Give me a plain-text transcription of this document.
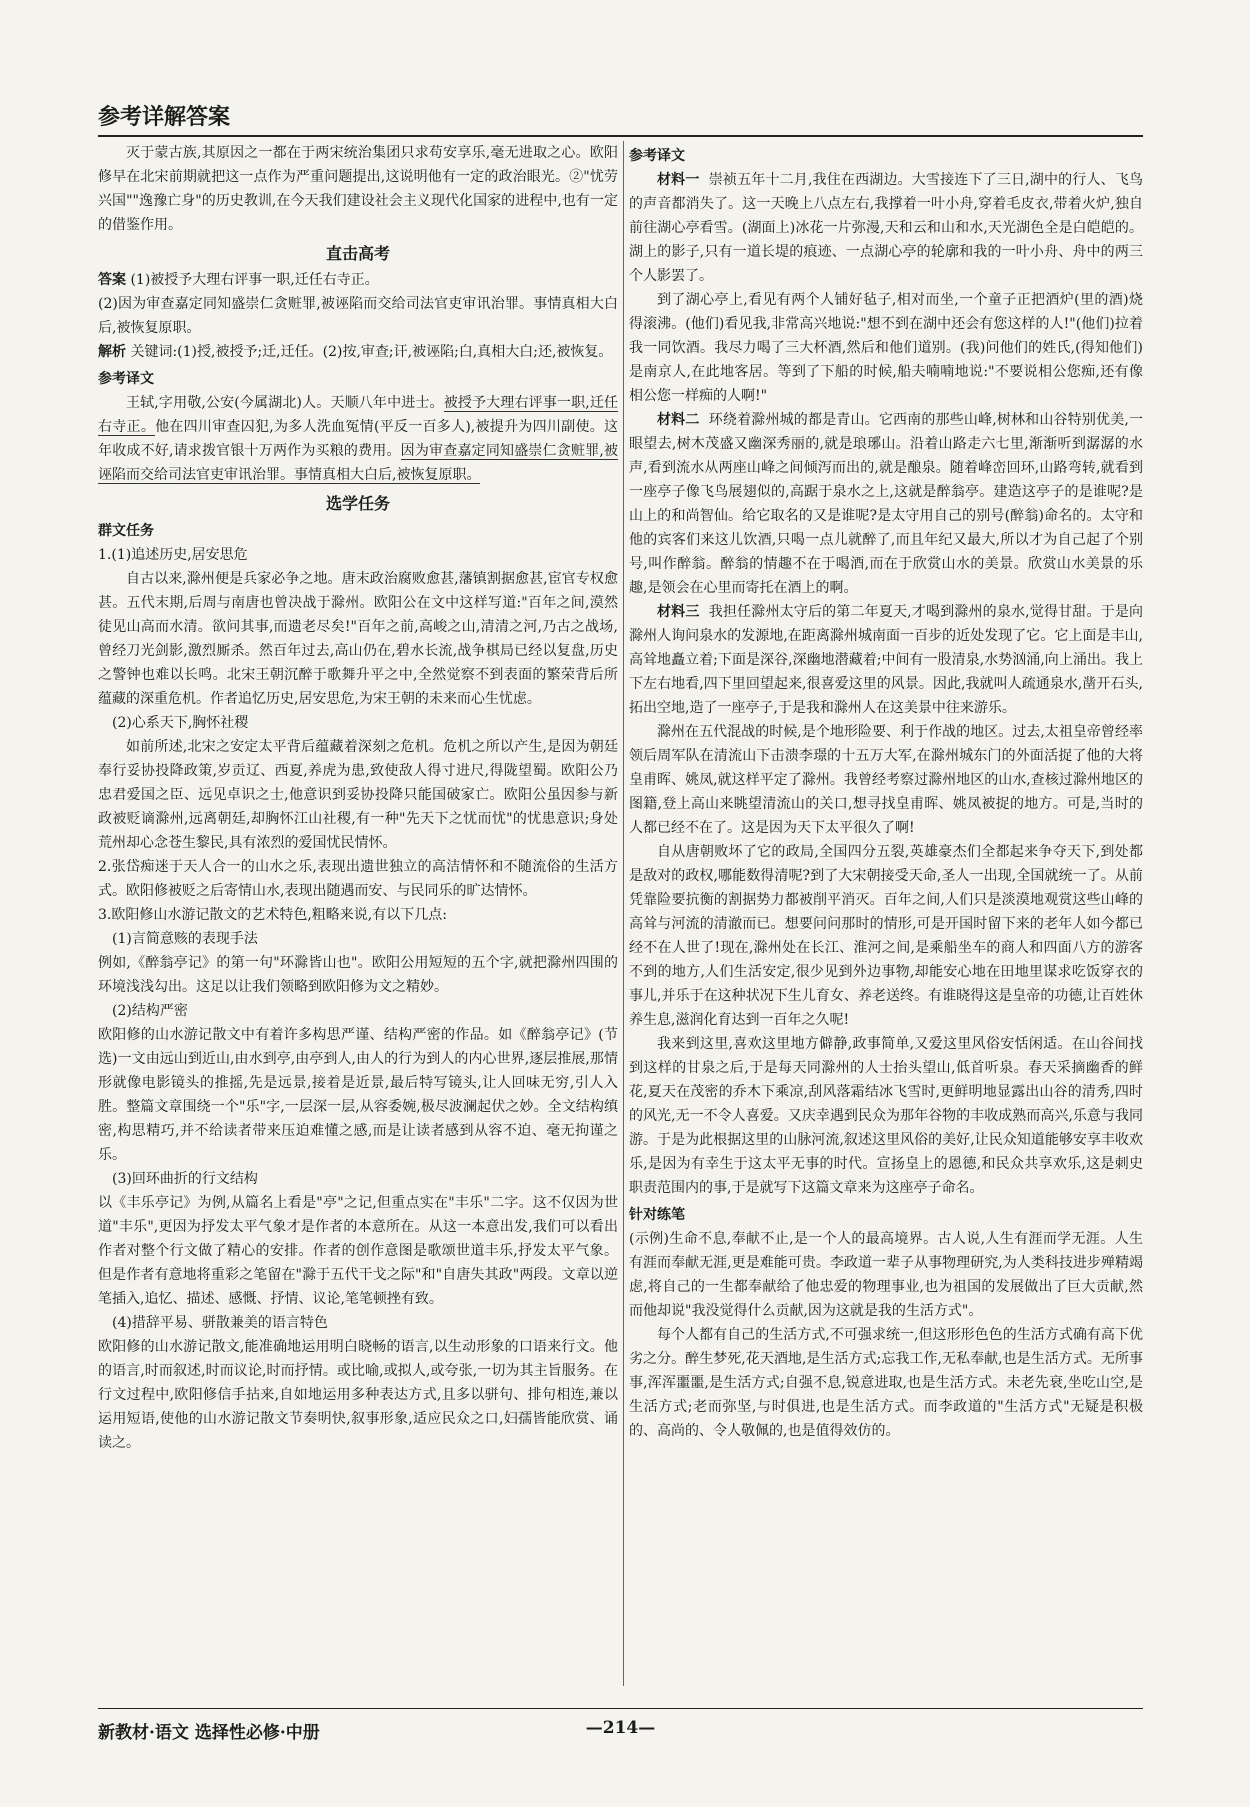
参考详解答案

灭于蒙古族,其原因之一都在于两宋统治集团只求苟安享乐,毫无进取之心。欧阳修早在北宋前期就把这一点作为严重问题提出,这说明他有一定的政治眼光。②"忧劳兴国""逸豫亡身"的历史教训,在今天我们建设社会主义现代化国家的进程中,也有一定的借鉴作用。

直击高考

答案 (1)被授予大理右评事一职,迁任右寺正。

(2)因为审查嘉定同知盛崇仁贪赃罪,被诬陷而交给司法官吏审讯治罪。事情真相大白后,被恢复原职。

解析 关键词:(1)授,被授予;迁,迁任。(2)按,审查;讦,被诬陷;白,真相大白;还,被恢复。

参考译文

王轼,字用敬,公安(今属湖北)人。天顺八年中进士。被授予大理右评事一职,迁任右寺正。他在四川审查囚犯,为多人洗血冤情(平反一百多人),被提升为四川副使。这年收成不好,请求拨官银十万两作为买粮的费用。因为审查嘉定同知盛崇仁贪赃罪,被诬陷而交给司法官吏审讯治罪。事情真相大白后,被恢复原职。

选学任务
群文任务

1.(1)追述历史,居安思危

自古以来,滁州便是兵家必争之地。唐末政治腐败愈甚,藩镇割据愈甚,宦官专权愈甚。五代末期,后周与南唐也曾决战于滁州。欧阳公在文中这样写道:"百年之间,漠然徒见山高而水清。欲问其事,而遗老尽矣!"百年之前,高峻之山,清清之河,乃古之战场,曾经刀光剑影,激烈厮杀。然百年过去,高山仍在,碧水长流,战争棋局已经以复盘,历史之警钟也难以长鸣。北宋王朝沉醉于歌舞升平之中,全然觉察不到表面的繁荣背后所蕴藏的深重危机。作者追忆历史,居安思危,为宋王朝的未来而心生忧虑。

(2)心系天下,胸怀社稷

如前所述,北宋之安定太平背后蕴藏着深刻之危机。危机之所以产生,是因为朝廷奉行妥协投降政策,岁贡辽、西夏,养虎为患,致使敌人得寸进尺,得陇望蜀。欧阳公乃忠君爱国之臣、远见卓识之士,他意识到妥协投降只能国破家亡。欧阳公虽因参与新政被贬谪滁州,远离朝廷,却胸怀江山社稷,有一种"先天下之忧而忧"的忧患意识;身处荒州却心念苍生黎民,具有浓烈的爱国忧民情怀。

2.张岱痴迷于天人合一的山水之乐,表现出遗世独立的高洁情怀和不随流俗的生活方式。欧阳修被贬之后寄情山水,表现出随遇而安、与民同乐的旷达情怀。

3.欧阳修山水游记散文的艺术特色,粗略来说,有以下几点:

(1)言简意赅的表现手法

例如,《醉翁亭记》的第一句"环滁皆山也"。欧阳公用短短的五个字,就把滁州四围的环境浅浅勾出。这足以让我们领略到欧阳修为文之精妙。

(2)结构严密

欧阳修的山水游记散文中有着许多构思严谨、结构严密的作品。如《醉翁亭记》(节选)一文由远山到近山,由水到亭,由亭到人,由人的行为到人的内心世界,逐层推展,那情形就像电影镜头的推摇,先是远景,接着是近景,最后特写镜头,让人回味无穷,引人入胜。整篇文章围绕一个"乐"字,一层深一层,从容委婉,极尽波澜起伏之妙。全文结构缜密,构思精巧,并不给读者带来压迫难懂之感,而是让读者感到从容不迫、毫无拘谨之乐。

(3)回环曲折的行文结构

以《丰乐亭记》为例,从篇名上看是"亭"之记,但重点实在"丰乐"二字。这不仅因为世道"丰乐",更因为抒发太平气象才是作者的本意所在。从这一本意出发,我们可以看出作者对整个行文做了精心的安排。作者的创作意图是歌颂世道丰乐,抒发太平气象。但是作者有意地将重彩之笔留在"滁于五代干戈之际"和"自唐失其政"两段。文章以逆笔插入,追忆、描述、感慨、抒情、议论,笔笔顿挫有致。

(4)措辞平易、骈散兼美的语言特色

欧阳修的山水游记散文,能准确地运用明白晓畅的语言,以生动形象的口语来行文。他的语言,时而叙述,时而议论,时而抒情。或比喻,或拟人,或夸张,一切为其主旨服务。在行文过程中,欧阳修信手拈来,自如地运用多种表达方式,且多以骈句、排句相连,兼以运用短语,使他的山水游记散文节奏明快,叙事形象,适应民众之口,妇孺皆能欣赏、诵读之。

参考译文

材料一 崇祯五年十二月,我住在西湖边。大雪接连下了三日,湖中的行人、飞鸟的声音都消失了。这一天晚上八点左右,我撑着一叶小舟,穿着毛皮衣,带着火炉,独自前往湖心亭看雪。(湖面上)冰花一片弥漫,天和云和山和水,天光湖色全是白皑皑的。湖上的影子,只有一道长堤的痕迹、一点湖心亭的轮廓和我的一叶小舟、舟中的两三个人影罢了。

到了湖心亭上,看见有两个人铺好毡子,相对而坐,一个童子正把酒炉(里的酒)烧得滚沸。(他们)看见我,非常高兴地说:"想不到在湖中还会有您这样的人!"(他们)拉着我一同饮酒。我尽力喝了三大杯酒,然后和他们道别。(我)问他们的姓氏,(得知他们)是南京人,在此地客居。等到了下船的时候,船夫喃喃地说:"不要说相公您痴,还有像相公您一样痴的人啊!"

材料二 环绕着滁州城的都是青山。它西南的那些山峰,树林和山谷特别优美,一眼望去,树木茂盛又幽深秀丽的,就是琅琊山。沿着山路走六七里,渐渐听到潺潺的水声,看到流水从两座山峰之间倾泻而出的,就是酿泉。随着峰峦回环,山路弯转,就看到一座亭子像飞鸟展翅似的,高踞于泉水之上,这就是醉翁亭。建造这亭子的是谁呢?是山上的和尚智仙。给它取名的又是谁呢?是太守用自己的别号(醉翁)命名的。太守和他的宾客们来这儿饮酒,只喝一点儿就醉了,而且年纪又最大,所以才为自己起了个别号,叫作醉翁。醉翁的情趣不在于喝酒,而在于欣赏山水的美景。欣赏山水美景的乐趣,是领会在心里而寄托在酒上的啊。

材料三 我担任滁州太守后的第二年夏天,才喝到滁州的泉水,觉得甘甜。于是向滁州人询问泉水的发源地,在距离滁州城南面一百步的近处发现了它。它上面是丰山,高耸地矗立着;下面是深谷,深幽地潜藏着;中间有一股清泉,水势汹涌,向上涌出。我上下左右地看,四下里回望起来,很喜爱这里的风景。因此,我就叫人疏通泉水,凿开石头,拓出空地,造了一座亭子,于是我和滁州人在这美景中往来游乐。

滁州在五代混战的时候,是个地形险要、利于作战的地区。过去,太祖皇帝曾经率领后周军队在清流山下击溃李璟的十五万大军,在滁州城东门的外面活捉了他的大将皇甫晖、姚凤,就这样平定了滁州。我曾经考察过滁州地区的山水,查核过滁州地区的图籍,登上高山来眺望清流山的关口,想寻找皇甫晖、姚凤被捉的地方。可是,当时的人都已经不在了。这是因为天下太平很久了啊!

自从唐朝败坏了它的政局,全国四分五裂,英雄豪杰们全都起来争夺天下,到处都是敌对的政权,哪能数得清呢?到了大宋朝接受天命,圣人一出现,全国就统一了。从前凭靠险要抗衡的割据势力都被削平消灭。百年之间,人们只是淡漠地观赏这些山峰的高耸与河流的清澈而已。想要问问那时的情形,可是开国时留下来的老年人如今都已经不在人世了!现在,滁州处在长江、淮河之间,是乘船坐车的商人和四面八方的游客不到的地方,人们生活安定,很少见到外边事物,却能安心地在田地里谋求吃饭穿衣的事儿,并乐于在这种状况下生儿育女、养老送终。有谁晓得这是皇帝的功德,让百姓休养生息,滋润化育达到一百年之久呢!

我来到这里,喜欢这里地方僻静,政事简单,又爱这里风俗安恬闲适。在山谷间找到这样的甘泉之后,于是每天同滁州的人士抬头望山,低首听泉。春天采摘幽香的鲜花,夏天在茂密的乔木下乘凉,刮风落霜结冰飞雪时,更鲜明地显露出山谷的清秀,四时的风光,无一不令人喜爱。又庆幸遇到民众为那年谷物的丰收成熟而高兴,乐意与我同游。于是为此根据这里的山脉河流,叙述这里风俗的美好,让民众知道能够安享丰收欢乐,是因为有幸生于这太平无事的时代。宣扬皇上的恩德,和民众共享欢乐,这是刺史职责范围内的事,于是就写下这篇文章来为这座亭子命名。

针对练笔

(示例)生命不息,奉献不止,是一个人的最高境界。古人说,人生有涯而学无涯。人生有涯而奉献无涯,更是难能可贵。李政道一辈子从事物理研究,为人类科技进步殚精竭虑,将自己的一生都奉献给了他忠爱的物理事业,也为祖国的发展做出了巨大贡献,然而他却说"我没觉得什么贡献,因为这就是我的生活方式"。

每个人都有自己的生活方式,不可强求统一,但这形形色色的生活方式确有高下优劣之分。醉生梦死,花天酒地,是生活方式;忘我工作,无私奉献,也是生活方式。无所事事,浑浑噩噩,是生活方式;自强不息,锐意进取,也是生活方式。未老先衰,坐吃山空,是生活方式;老而弥坚,与时俱进,也是生活方式。而李政道的"生活方式"无疑是积极的、高尚的、令人敬佩的,也是值得效仿的。

新教材·语文 选择性必修·中册	—214—
